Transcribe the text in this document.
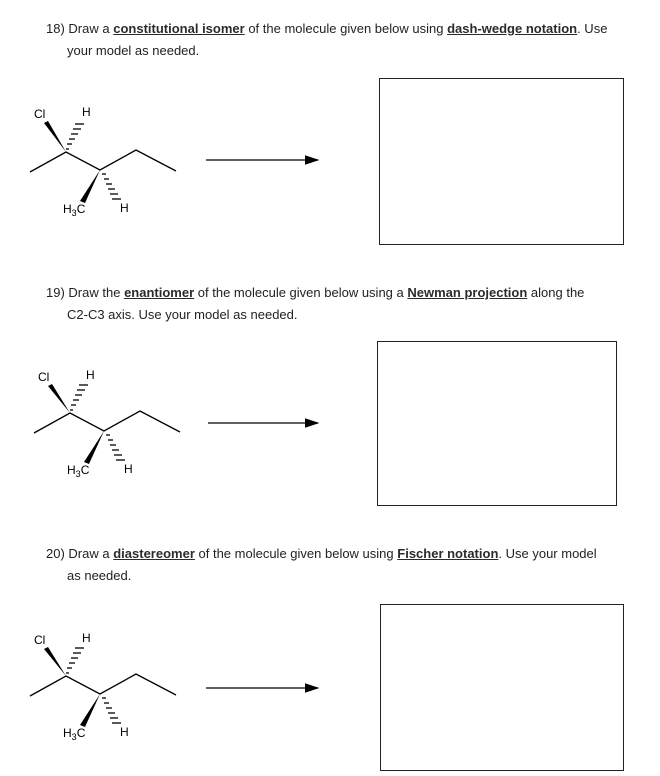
18) Draw a constitutional isomer of the molecule given below using dash-wedge notation. Use
your model as needed.
19) Draw the enantiomer of the molecule given below using a Newman projection along the
C2-C3 axis. Use your model as needed.
20) Draw a diastereomer of the molecule given below using Fischer notation. Use your model
as needed.
Cl	H
$H_3C$	H
Cl	H
$H_3C$	H
Cl	H
$H_3C$	H
